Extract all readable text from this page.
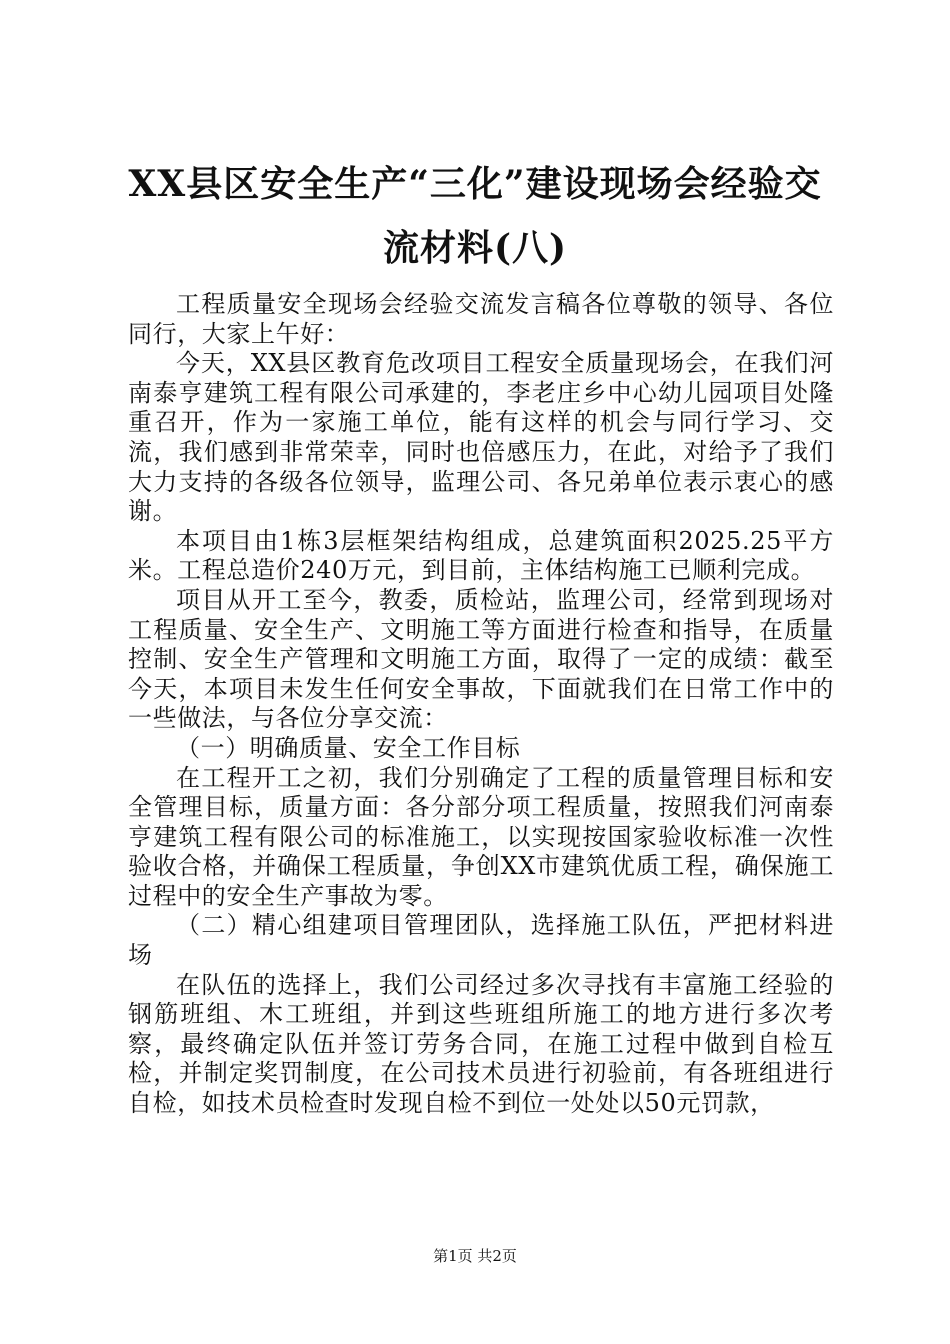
XX县区安全生产“三化”建设现场会经验交
流材料(八)

工程质量安全现场会经验交流发言稿各位尊敬的领导、各位同行，大家上午好：

今天，XX县区教育危改项目工程安全质量现场会，在我们河南泰亨建筑工程有限公司承建的，李老庄乡中心幼儿园项目处隆重召开，作为一家施工单位，能有这样的机会与同行学习、交流，我们感到非常荣幸，同时也倍感压力，在此，对给予了我们大力支持的各级各位领导，监理公司、各兄弟单位表示衷心的感谢。

本项目由1栋3层框架结构组成，总建筑面积2025.25平方米。工程总造价240万元，到目前，主体结构施工已顺利完成。

项目从开工至今，教委，质检站，监理公司，经常到现场对工程质量、安全生产、文明施工等方面进行检查和指导，在质量控制、安全生产管理和文明施工方面，取得了一定的成绩：截至今天，本项目未发生任何安全事故，下面就我们在日常工作中的一些做法，与各位分享交流：

（一）明确质量、安全工作目标

在工程开工之初，我们分别确定了工程的质量管理目标和安全管理目标，质量方面：各分部分项工程质量，按照我们河南泰亨建筑工程有限公司的标准施工，以实现按国家验收标准一次性验收合格，并确保工程质量，争创XX市建筑优质工程，确保施工过程中的安全生产事故为零。

（二）精心组建项目管理团队，选择施工队伍，严把材料进场

在队伍的选择上，我们公司经过多次寻找有丰富施工经验的钢筋班组、木工班组，并到这些班组所施工的地方进行多次考察，最终确定队伍并签订劳务合同，在施工过程中做到自检互检，并制定奖罚制度，在公司技术员进行初验前，有各班组进行自检，如技术员检查时发现自检不到位一处处以50元罚款，

第1页 共2页
